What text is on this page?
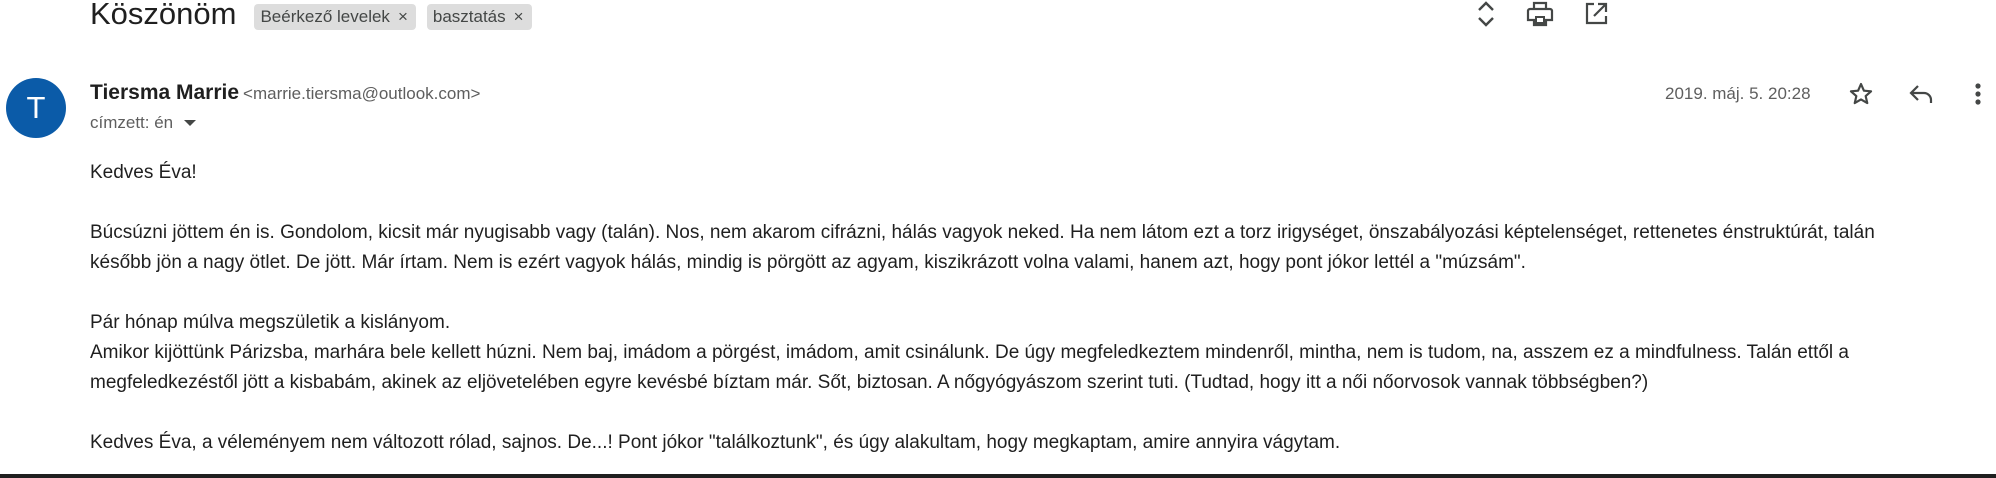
Köszönöm Beérkező levelek × basztatás ×
T Tiersma Marrie <marrie.tiersma@outlook.com>
címzett: én
2019. máj. 5. 20:28

Kedves Éva!

Búcsúzni jöttem én is. Gondolom, kicsit már nyugisabb vagy (talán). Nos, nem akarom cifrázni, hálás vagyok neked. Ha nem látom ezt a torz irigységet, önszabályozási képtelenséget, rettenetes énstruktúrát, talán

később jön a nagy ötlet. De jött. Már írtam. Nem is ezért vagyok hálás, mindig is pörgött az agyam, kiszikrázott volna valami, hanem azt, hogy pont jókor lettél a "múzsám".

Pár hónap múlva megszületik a kislányom.

Amikor kijöttünk Párizsba, marhára bele kellett húzni. Nem baj, imádom a pörgést, imádom, amit csinálunk. De úgy megfeledkeztem mindenről, mintha, nem is tudom, na, asszem ez a mindfulness. Talán ettől a

megfeledkezéstől jött a kisbabám, akinek az eljövetelében egyre kevésbé bíztam már. Sőt, biztosan. A nőgyógyászom szerint tuti. (Tudtad, hogy itt a női nőorvosok vannak többségben?)

Kedves Éva, a véleményem nem változott rólad, sajnos. De...! Pont jókor "találkoztunk", és úgy alakultam, hogy megkaptam, amire annyira vágytam.
